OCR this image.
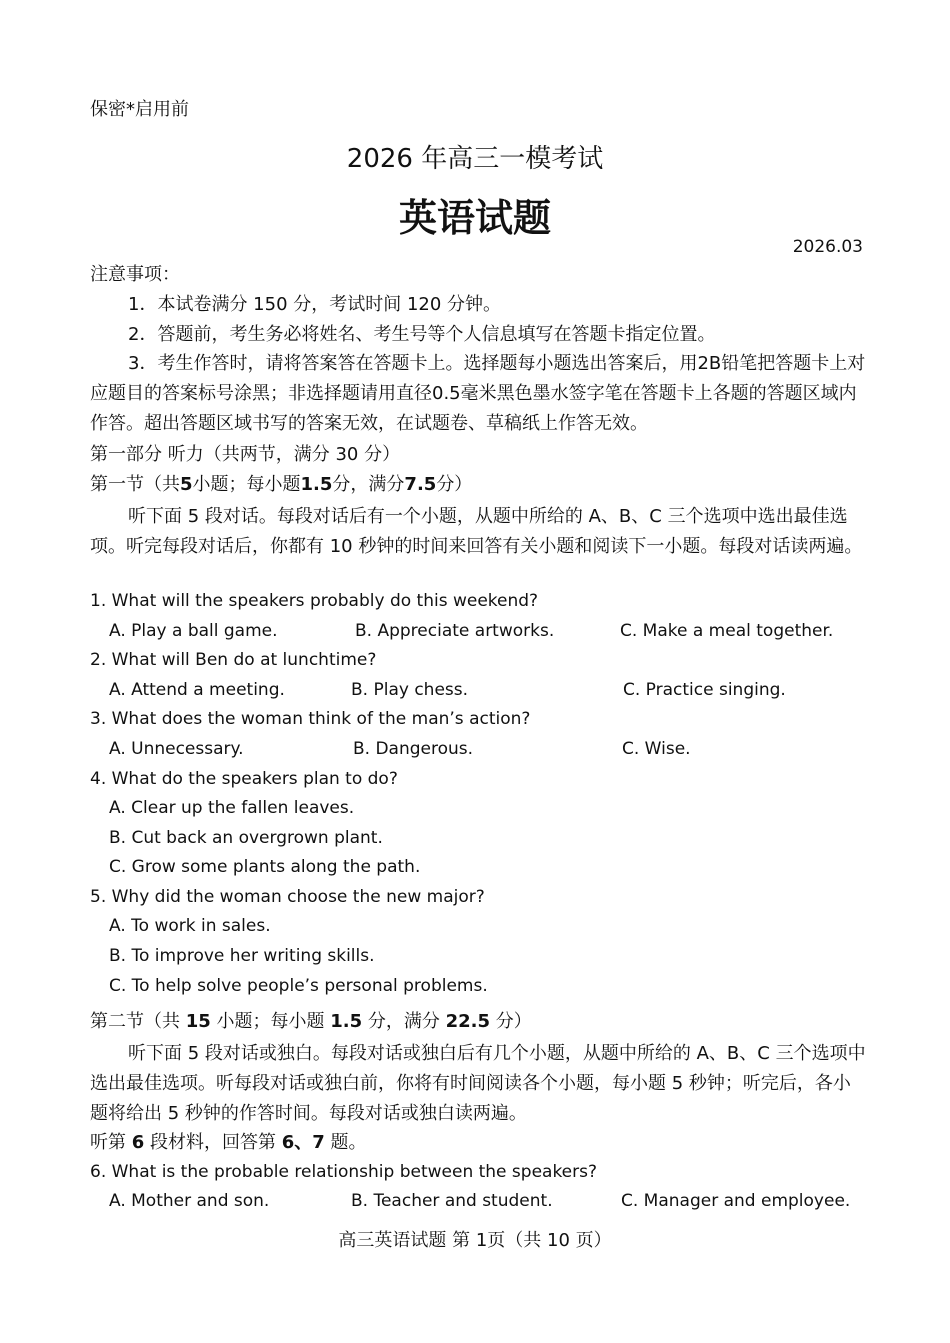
保密*启用前
2026 年高三一模考试
英语试题
2026.03
注意事项：
1．本试卷满分 150 分，考试时间 120 分钟。
2．答题前，考生务必将姓名、考生号等个人信息填写在答题卡指定位置。
3．考生作答时，请将答案答在答题卡上。选择题每小题选出答案后，用2B铅笔把答题卡上对应题目的答案标号涂黑；非选择题请用直径0.5毫米黑色墨水签字笔在答题卡上各题的答题区域内作答。超出答题区域书写的答案无效，在试题卷、草稿纸上作答无效。
第一部分 听力（共两节，满分 30 分）
第一节（共5小题；每小题1.5分，满分7.5分）
听下面 5 段对话。每段对话后有一个小题，从题中所给的 A、B、C 三个选项中选出最佳选项。听完每段对话后，你都有 10 秒钟的时间来回答有关小题和阅读下一小题。每段对话读两遍。
1. What will the speakers probably do this weekend?
A. Play a ball game.	B. Appreciate artworks.	C. Make a meal together.
2. What will Ben do at lunchtime?
A. Attend a meeting.	B. Play chess.	C. Practice singing.
3. What does the woman think of the man’s action?
A. Unnecessary.	B. Dangerous.	C. Wise.
4. What do the speakers plan to do?
A. Clear up the fallen leaves.
B. Cut back an overgrown plant.
C. Grow some plants along the path.
5. Why did the woman choose the new major?
A. To work in sales.
B. To improve her writing skills.
C. To help solve people’s personal problems.
第二节（共 15 小题；每小题 1.5 分，满分 22.5 分）
听下面 5 段对话或独白。每段对话或独白后有几个小题，从题中所给的 A、B、C 三个选项中选出最佳选项。听每段对话或独白前，你将有时间阅读各个小题，每小题 5 秒钟；听完后，各小题将给出 5 秒钟的作答时间。每段对话或独白读两遍。
听第 6 段材料，回答第 6、7 题。
6. What is the probable relationship between the speakers?
A. Mother and son.	B. Teacher and student.	C. Manager and employee.
高三英语试题 第 1页（共 10 页）
